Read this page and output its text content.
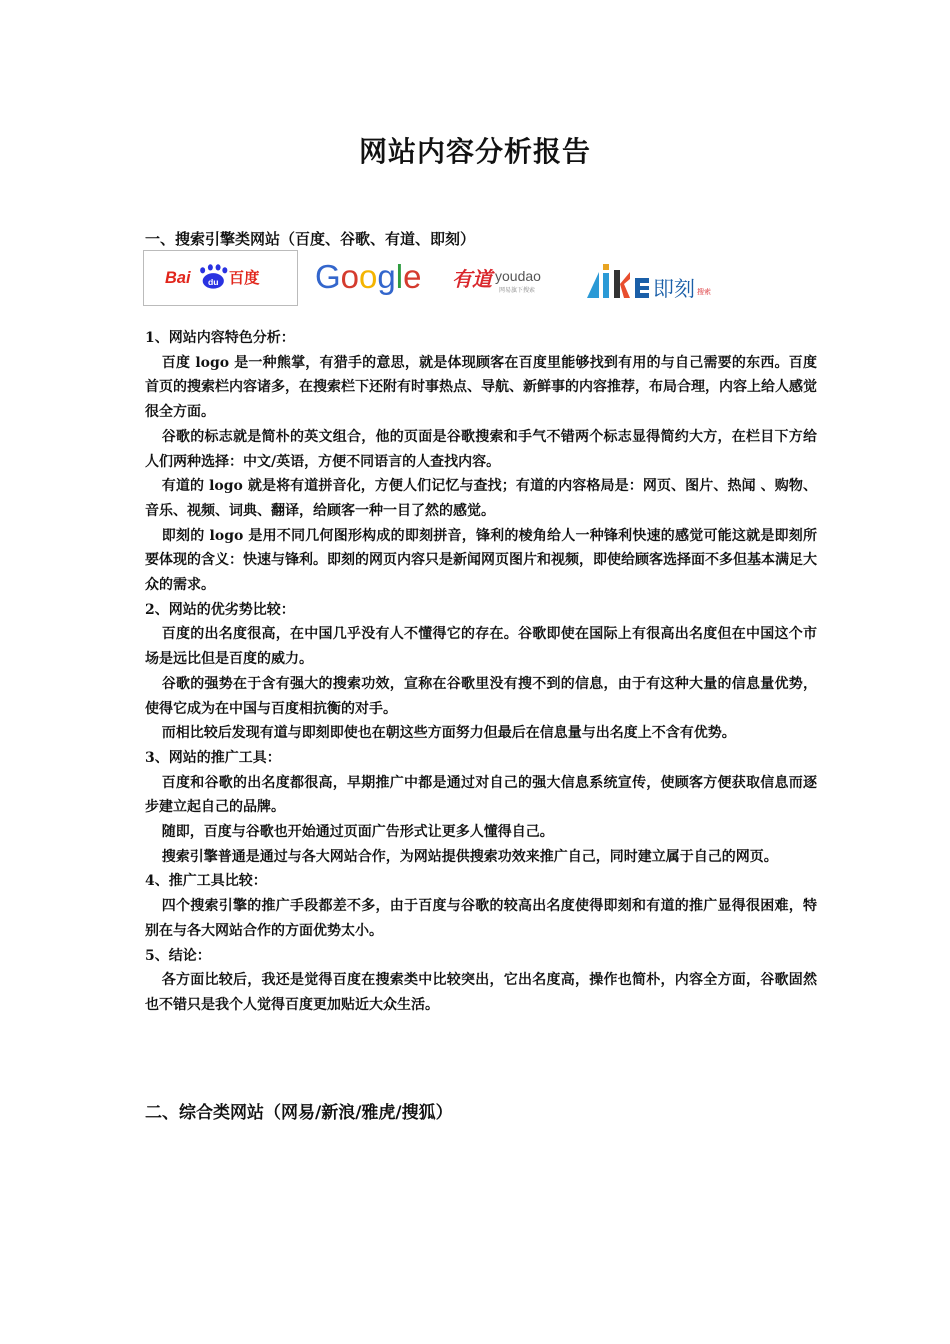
网站内容分析报告
一、搜索引擎类网站（百度、谷歌、有道、即刻）
Bai du 百度 Google 有道 youdao
网易旗下搜索	即刻 搜索

1、网站内容特色分析：

百度 logo 是一种熊掌，有猎手的意思，就是体现顾客在百度里能够找到有用的与自己需要的东西。百度首页的搜索栏内容诸多，在搜索栏下还附有时事热点、导航、新鲜事的内容推荐，布局合理，内容上给人感觉很全方面。

谷歌的标志就是简朴的英文组合，他的页面是谷歌搜索和手气不错两个标志显得简约大方，在栏目下方给人们两种选择：中文/英语，方便不同语言的人查找内容。

有道的 logo 就是将有道拼音化，方便人们记忆与查找；有道的内容格局是：网页、图片、热闻 、购物、音乐、视频、词典、翻译，给顾客一种一目了然的感觉。

即刻的 logo 是用不同几何图形构成的即刻拼音，锋利的棱角给人一种锋利快速的感觉可能这就是即刻所要体现的含义：快速与锋利。即刻的网页内容只是新闻网页图片和视频，即使给顾客选择面不多但基本满足大众的需求。

2、网站的优劣势比较：

百度的出名度很高，在中国几乎没有人不懂得它的存在。谷歌即使在国际上有很高出名度但在中国这个市场是远比但是百度的威力。

谷歌的强势在于含有强大的搜索功效，宣称在谷歌里没有搜不到的信息，由于有这种大量的信息量优势，使得它成为在中国与百度相抗衡的对手。

而相比较后发现有道与即刻即使也在朝这些方面努力但最后在信息量与出名度上不含有优势。

3、网站的推广工具：

百度和谷歌的出名度都很高，早期推广中都是通过对自己的强大信息系统宣传，使顾客方便获取信息而逐步建立起自己的品牌。

随即，百度与谷歌也开始通过页面广告形式让更多人懂得自己。

搜索引擎普通是通过与各大网站合作，为网站提供搜索功效来推广自己，同时建立属于自己的网页。

4、推广工具比较：

四个搜索引擎的推广手段都差不多，由于百度与谷歌的较高出名度使得即刻和有道的推广显得很困难，特别在与各大网站合作的方面优势太小。

5、结论：

各方面比较后，我还是觉得百度在搜索类中比较突出，它出名度高，操作也简朴，内容全方面，谷歌固然也不错只是我个人觉得百度更加贴近大众生活。

二、综合类网站（网易/新浪/雅虎/搜狐）
